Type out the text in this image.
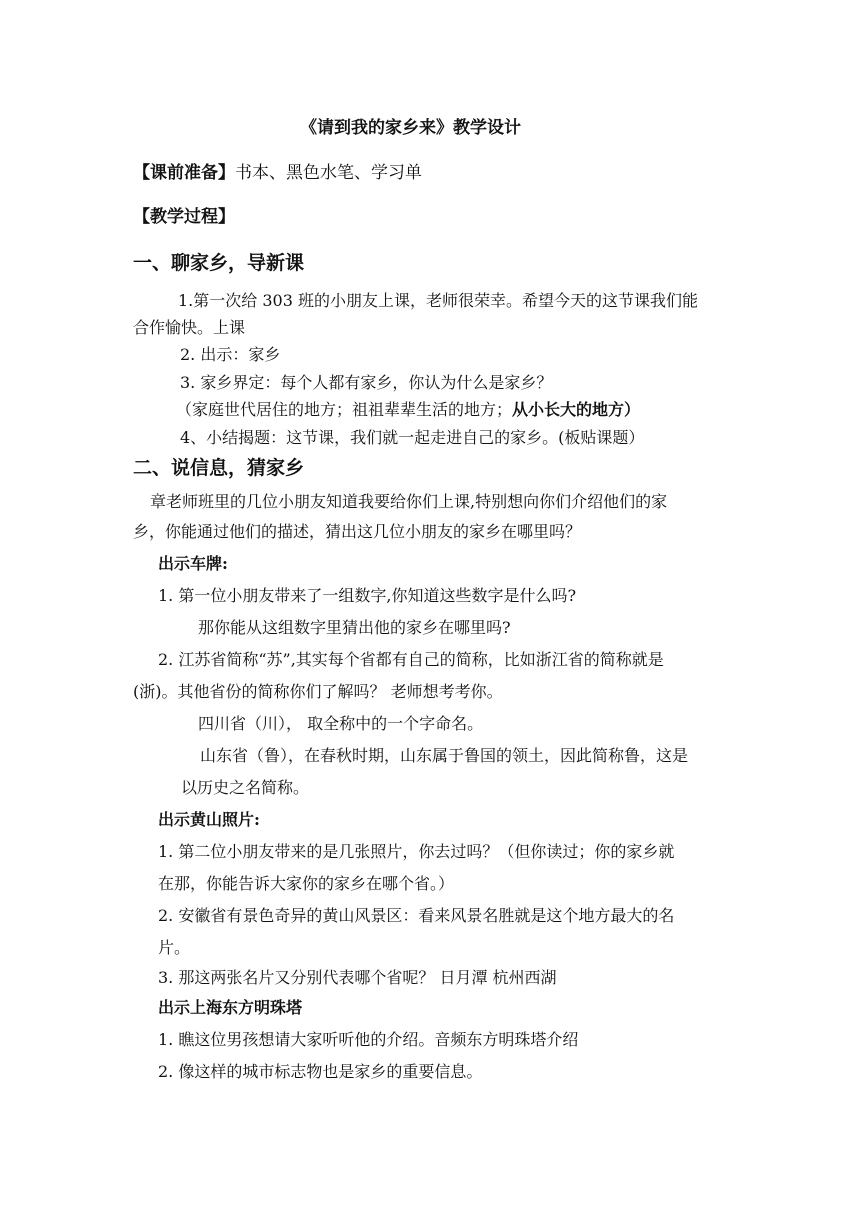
《请到我的家乡来》教学设计
【课前准备】书本、黑色水笔、学习单
【教学过程】
一、聊家乡，导新课
1.第一次给 303 班的小朋友上课，老师很荣幸。希望今天的这节课我们能
合作愉快。上课
2. 出示：家乡
3. 家乡界定：每个人都有家乡，你认为什么是家乡？
（家庭世代居住的地方；祖祖辈辈生活的地方；从小长大的地方）
4、小结揭题：这节课，我们就一起走进自己的家乡。(板贴课题）
二、说信息，猜家乡
章老师班里的几位小朋友知道我要给你们上课,特别想向你们介绍他们的家
乡，你能通过他们的描述，猜出这几位小朋友的家乡在哪里吗？
出示车牌:
1. 第一位小朋友带来了一组数字,你知道这些数字是什么吗?
那你能从这组数字里猜出他的家乡在哪里吗?
2. 江苏省简称“苏”,其实每个省都有自己的简称，比如浙江省的简称就是
(浙)。其他省份的简称你们了解吗？ 老师想考考你。
四川省（川）， 取全称中的一个字命名。
山东省（鲁），在春秋时期，山东属于鲁国的领土，因此简称鲁，这是
以历史之名简称。
出示黄山照片:
1. 第二位小朋友带来的是几张照片，你去过吗？（但你读过；你的家乡就
在那，你能告诉大家你的家乡在哪个省。）
2. 安徽省有景色奇异的黄山风景区：看来风景名胜就是这个地方最大的名
片。
3. 那这两张名片又分别代表哪个省呢？ 日月潭 杭州西湖
出示上海东方明珠塔
1. 瞧这位男孩想请大家听听他的介绍。音频东方明珠塔介绍
2. 像这样的城市标志物也是家乡的重要信息。
